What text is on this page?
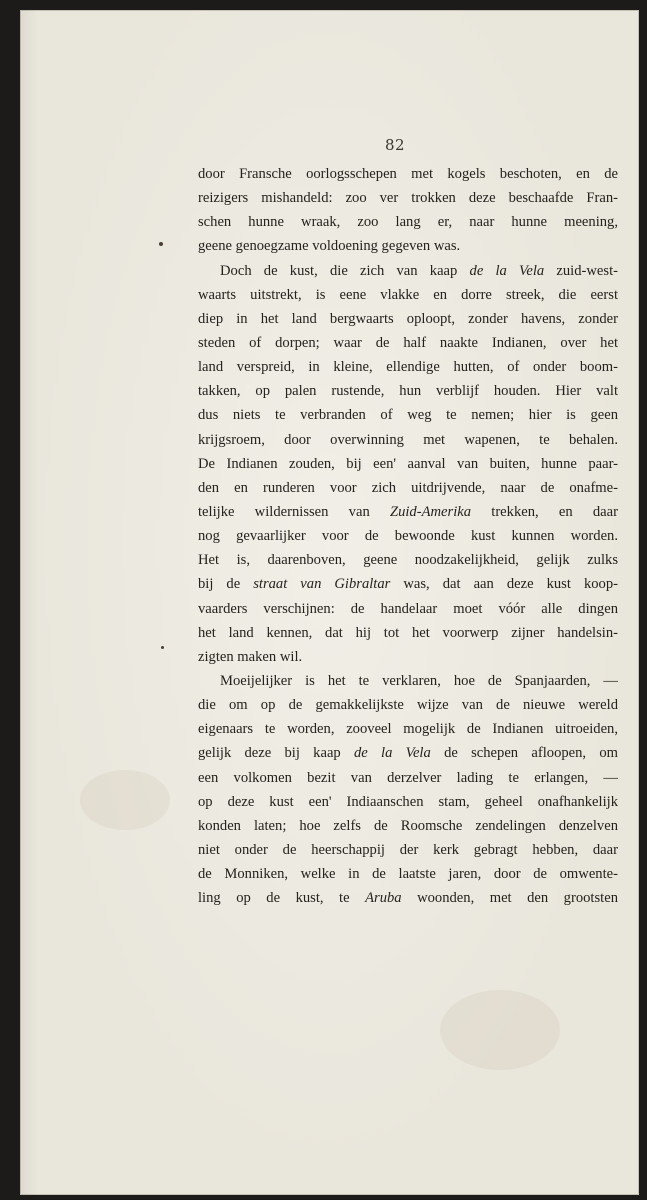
82
door Fransche oorlogsschepen met kogels beschoten, en de
reizigers mishandeld: zoo ver trokken deze beschaafde Fran-
schen hunne wraak, zoo lang er, naar hunne meening,
geene genoegzame voldoening gegeven was.
Doch de kust, die zich van kaap de la Vela zuid-west-
waarts uitstrekt, is eene vlakke en dorre streek, die eerst
diep in het land bergwaarts oploopt, zonder havens, zonder
steden of dorpen; waar de half naakte Indianen, over het
land verspreid, in kleine, ellendige hutten, of onder boom-
takken, op palen rustende, hun verblijf houden. Hier valt
dus niets te verbranden of weg te nemen; hier is geen
krijgsroem, door overwinning met wapenen, te behalen.
De Indianen zouden, bij een' aanval van buiten, hunne paar-
den en runderen voor zich uitdrijvende, naar de onafme-
telijke wildernissen van Zuid-Amerika trekken, en daar
nog gevaarlijker voor de bewoonde kust kunnen worden.
Het is, daarenboven, geene noodzakelijkheid, gelijk zulks
bij de straat van Gibraltar was, dat aan deze kust koop-
vaarders verschijnen: de handelaar moet vóór alle dingen
het land kennen, dat hij tot het voorwerp zijner handelsin-
zigten maken wil.
Moeijelijker is het te verklaren, hoe de Spanjaarden, —
die om op de gemakkelijkste wijze van de nieuwe wereld
eigenaars te worden, zooveel mogelijk de Indianen uitroeiden,
gelijk deze bij kaap de la Vela de schepen afloopen, om
een volkomen bezit van derzelver lading te erlangen, —
op deze kust een' Indiaanschen stam, geheel onafhankelijk
konden laten; hoe zelfs de Roomsche zendelingen denzelven
niet onder de heerschappij der kerk gebragt hebben, daar
de Monniken, welke in de laatste jaren, door de omwente-
ling op de kust, te Aruba woonden, met den grootsten
